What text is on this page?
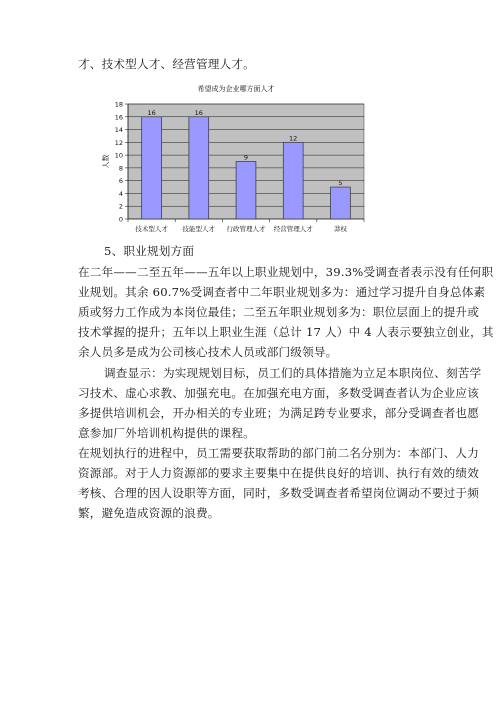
才、技术型人才、经营管理人才。
希望成为企业哪方面人才
人数
0
2
4
6
8
10
12
14
16
18
16
技术型人才
16
技能型人才
9
行政管理人才
12
经营管理人才
5
莽权
5、职业规划方面
在二年——二至五年——五年以上职业规划中，39.3%受调查者表示没有任何职
业规划。其余 60.7%受调查者中二年职业规划多为：通过学习提升自身总体素
质或努力工作成为本岗位最佳；二至五年职业规划多为：职位层面上的提升或
技术掌握的提升；五年以上职业生涯（总计 17 人）中 4 人表示要独立创业，其
余人员多是成为公司核心技术人员或部门级领导。
调查显示：为实现规划目标，员工们的具体措施为立足本职岗位、刻苦学
习技术、虚心求教、加强充电。在加强充电方面，多数受调查者认为企业应该
多提供培训机会，开办相关的专业班；为满足跨专业要求，部分受调查者也愿
意参加厂外培训机构提供的课程。
在规划执行的进程中，员工需要获取帮助的部门前二名分别为：本部门、人力
资源部。对于人力资源部的要求主要集中在提供良好的培训、执行有效的绩效
考核、合理的因人设职等方面，同时，多数受调查者希望岗位调动不要过于频
繁，避免造成资源的浪费。
